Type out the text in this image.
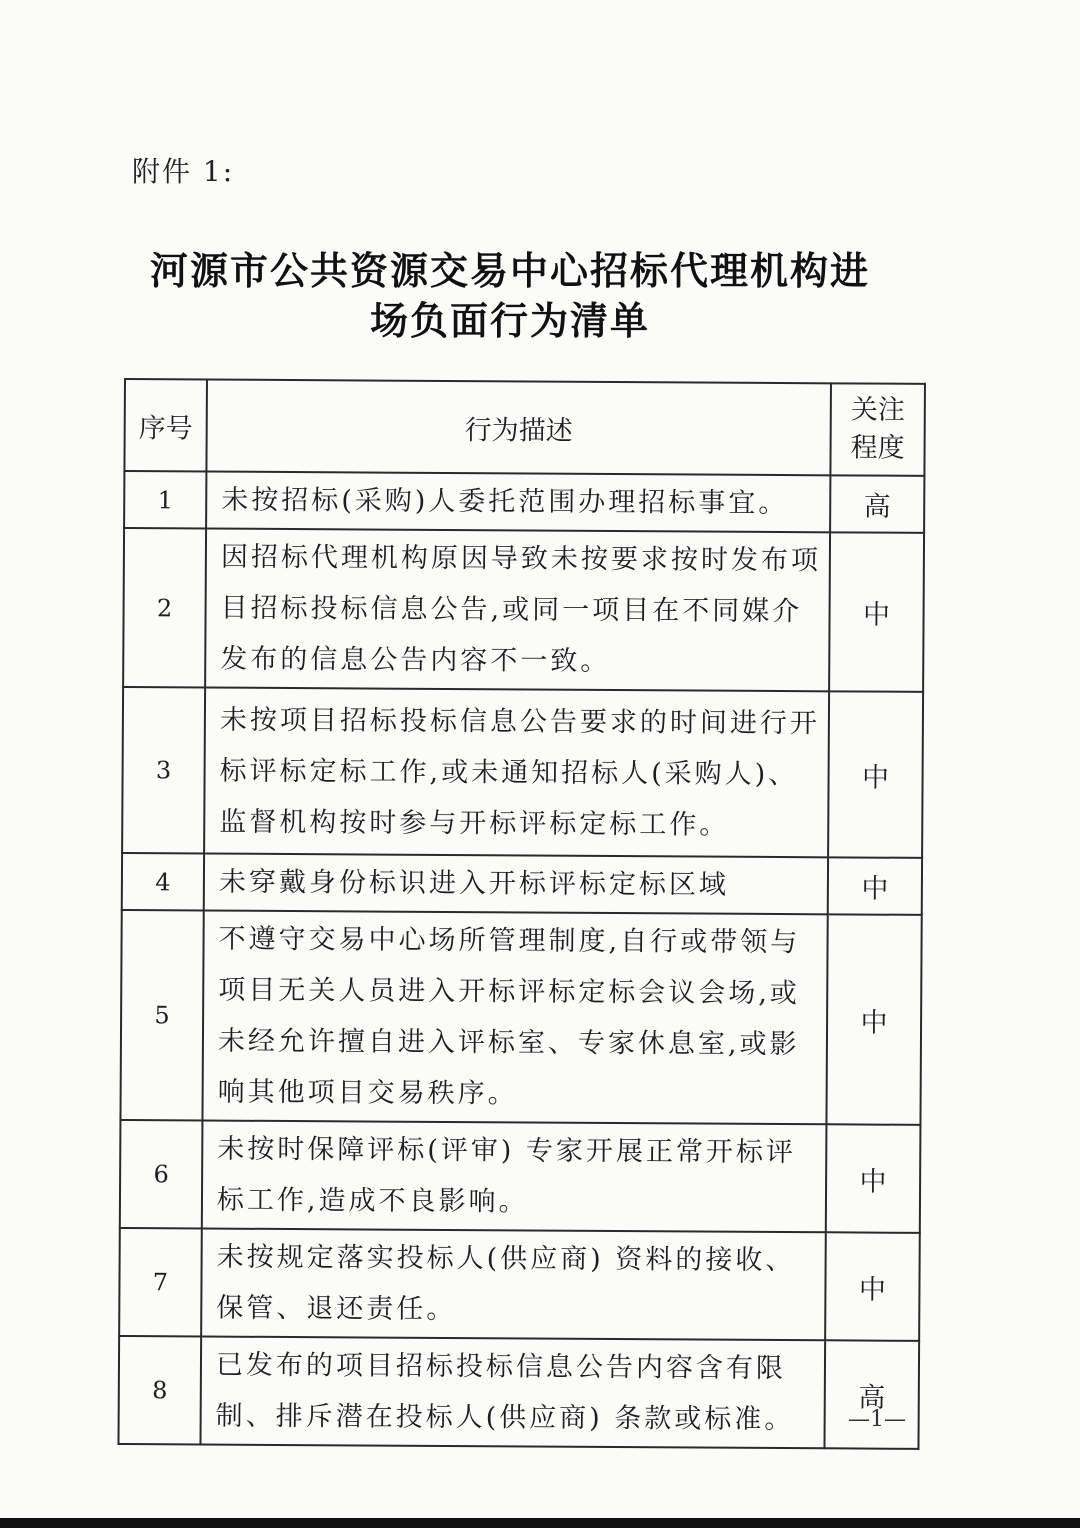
附件 1:
河源市公共资源交易中心招标代理机构进
场负面行为清单
序号	行为描述	关注
程度
1	未按招标(采购)人委托范围办理招标事宜。	高
2	因招标代理机构原因导致未按要求按时发布项目招标投标信息公告,或同一项目在不同媒介发布的信息公告内容不一致。	中
3	未按项目招标投标信息公告要求的时间进行开标评标定标工作,或未通知招标人(采购人)、监督机构按时参与开标评标定标工作。	中
4	未穿戴身份标识进入开标评标定标区域	中
5	不遵守交易中心场所管理制度,自行或带领与项目无关人员进入开标评标定标会议会场,或未经允许擅自进入评标室、专家休息室,或影响其他项目交易秩序。	中
6	未按时保障评标(评审) 专家开展正常开标评标工作,造成不良影响。	中
7	未按规定落实投标人(供应商) 资料的接收、保管、退还责任。	中
8	已发布的项目招标投标信息公告内容含有限制、排斥潜在投标人(供应商) 条款或标准。	高
—1—
